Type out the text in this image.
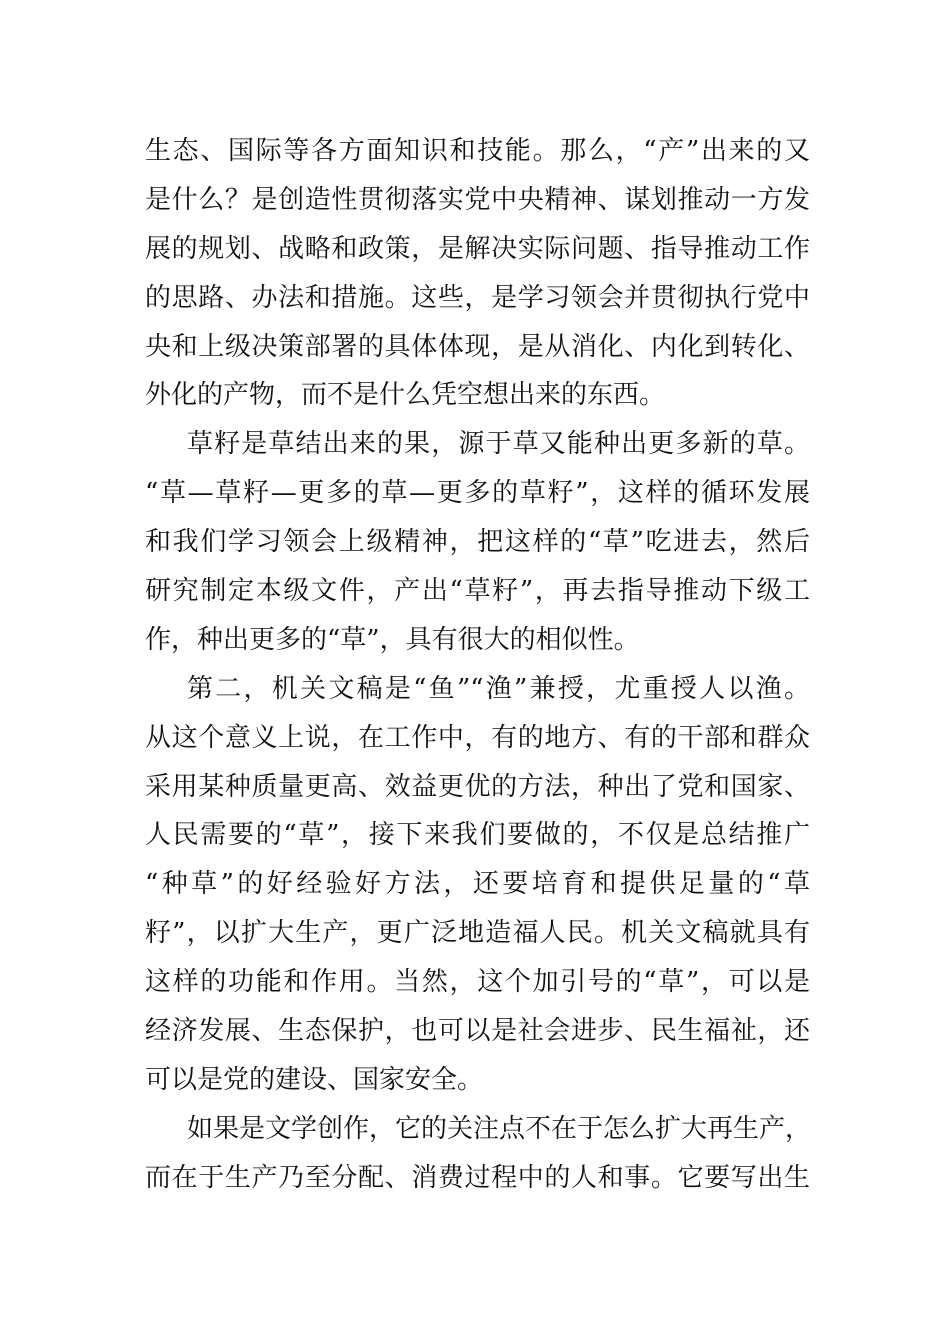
生态、国际等各方面知识和技能。那么，“产”出来的又
是什么？是创造性贯彻落实党中央精神、谋划推动一方发
展的规划、战略和政策，是解决实际问题、指导推动工作
的思路、办法和措施。这些，是学习领会并贯彻执行党中
央和上级决策部署的具体体现，是从消化、内化到转化、
外化的产物，而不是什么凭空想出来的东西。
草籽是草结出来的果，源于草又能种出更多新的草。
“草—草籽—更多的草—更多的草籽”，这样的循环发展
和我们学习领会上级精神，把这样的“草”吃进去，然后
研究制定本级文件，产出“草籽”，再去指导推动下级工
作，种出更多的“草”，具有很大的相似性。
第二，机关文稿是“鱼”“渔”兼授，尤重授人以渔。
从这个意义上说，在工作中，有的地方、有的干部和群众
采用某种质量更高、效益更优的方法，种出了党和国家、
人民需要的“草”，接下来我们要做的，不仅是总结推广
“种草”的好经验好方法，还要培育和提供足量的“草
籽”，以扩大生产，更广泛地造福人民。机关文稿就具有
这样的功能和作用。当然，这个加引号的“草”，可以是
经济发展、生态保护，也可以是社会进步、民生福祉，还
可以是党的建设、国家安全。
如果是文学创作，它的关注点不在于怎么扩大再生产，
而在于生产乃至分配、消费过程中的人和事。它要写出生
